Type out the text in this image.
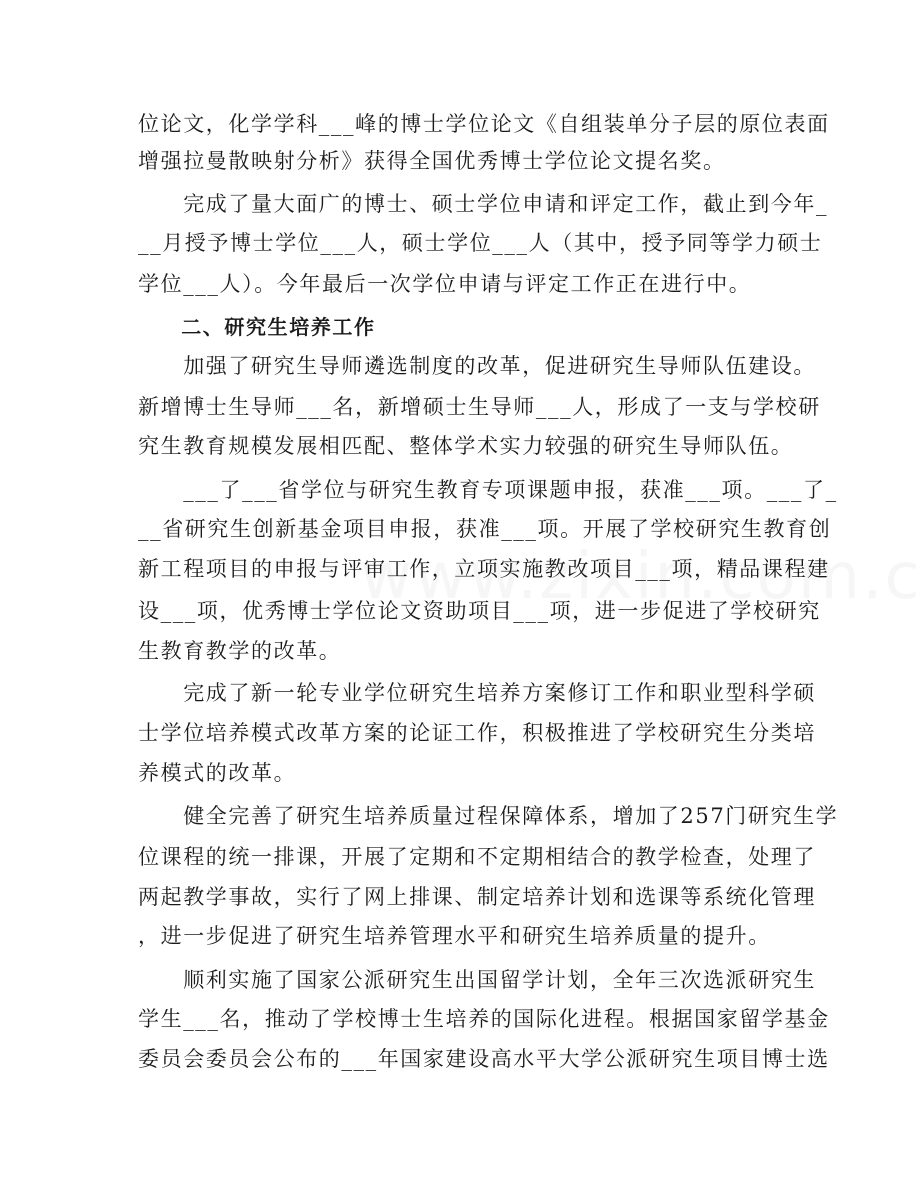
位论文，化学学科___峰的博士学位论文《自组装单分子层的原位表面
增强拉曼散映射分析》获得全国优秀博士学位论文提名奖。
　　完成了量大面广的博士、硕士学位申请和评定工作，截止到今年_
__月授予博士学位___人，硕士学位___人（其中，授予同等学力硕士
学位___人）。今年最后一次学位申请与评定工作正在进行中。
　　二、研究生培养工作
　　加强了研究生导师遴选制度的改革，促进研究生导师队伍建设。
新增博士生导师___名，新增硕士生导师___人，形成了一支与学校研
究生教育规模发展相匹配、整体学术实力较强的研究生导师队伍。
　　___了___省学位与研究生教育专项课题申报，获准___项。___了_
__省研究生创新基金项目申报，获准___项。开展了学校研究生教育创
新工程项目的申报与评审工作，立项实施教改项目___项，精品课程建
设___项，优秀博士学位论文资助项目___项，进一步促进了学校研究
生教育教学的改革。
　　完成了新一轮专业学位研究生培养方案修订工作和职业型科学硕
士学位培养模式改革方案的论证工作，积极推进了学校研究生分类培
养模式的改革。
　　健全完善了研究生培养质量过程保障体系，增加了257门研究生学
位课程的统一排课，开展了定期和不定期相结合的教学检查，处理了
两起教学事故，实行了网上排课、制定培养计划和选课等系统化管理
，进一步促进了研究生培养管理水平和研究生培养质量的提升。
　　顺利实施了国家公派研究生出国留学计划，全年三次选派研究生
学生___名，推动了学校博士生培养的国际化进程。根据国家留学基金
委员会委员会公布的___年国家建设高水平大学公派研究生项目博士选
